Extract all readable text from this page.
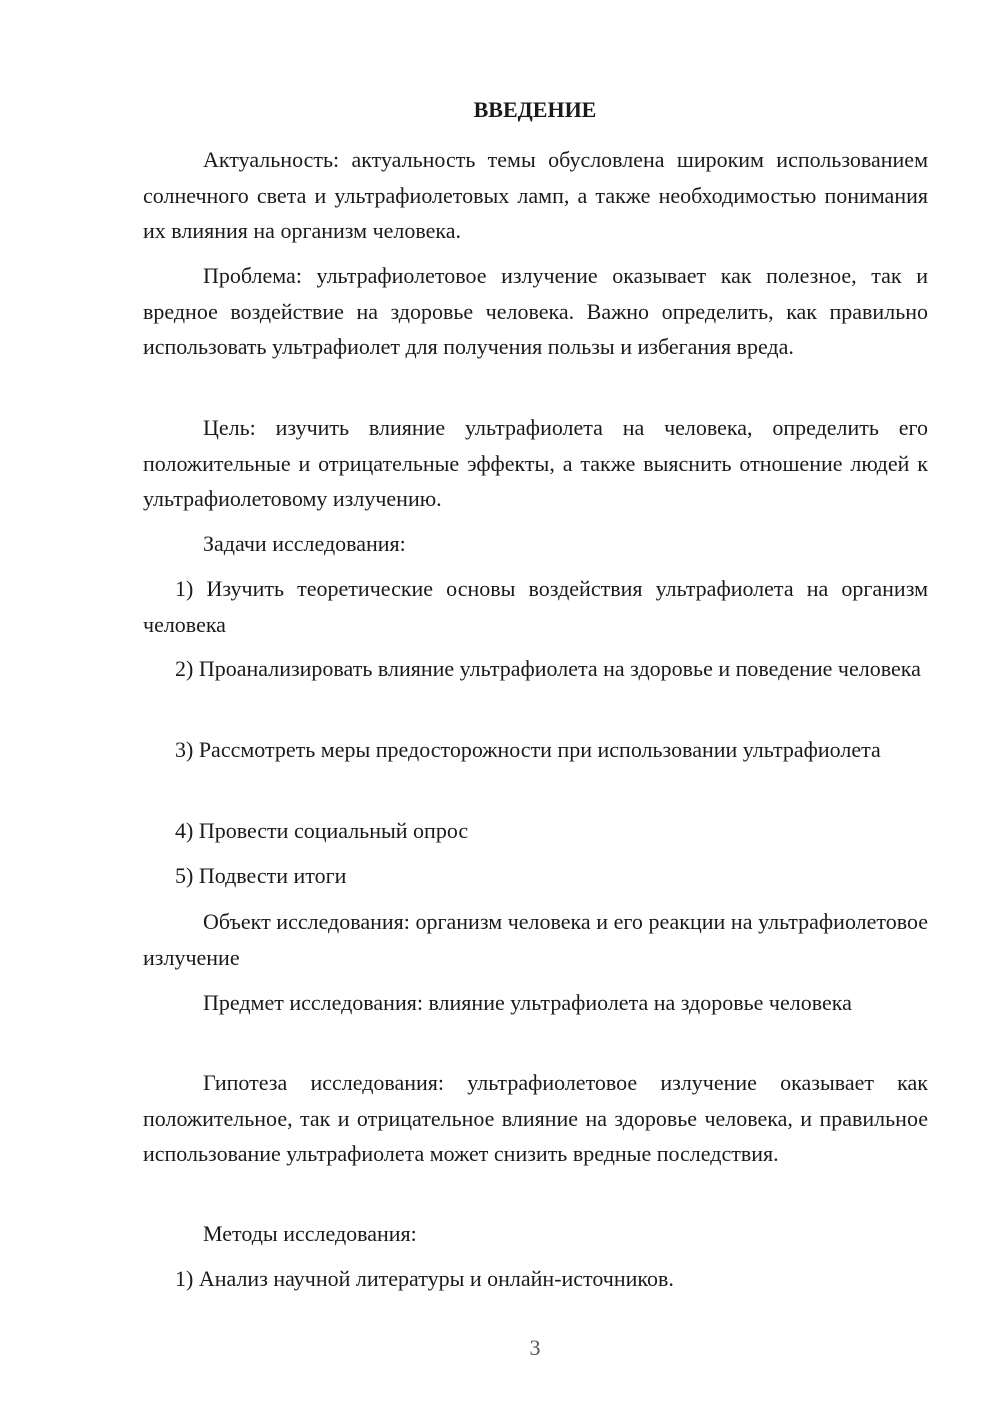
ВВЕДЕНИЕ
Актуальность: актуальность темы обусловлена широким использованием солнечного света и ультрафиолетовых ламп, а также необходимостью понимания их влияния на организм человека.
Проблема: ультрафиолетовое излучение оказывает как полезное, так и вредное воздействие на здоровье человека. Важно определить, как правильно использовать ультрафиолет для получения пользы и избегания вреда.
Цель: изучить влияние ультрафиолета на человека, определить его положительные и отрицательные эффекты, а также выяснить отношение людей к ультрафиолетовому излучению.
Задачи исследования:
1) Изучить теоретические основы воздействия ультрафиолета на организм человека
2) Проанализировать влияние ультрафиолета на здоровье и поведение человека
3) Рассмотреть меры предосторожности при использовании ультрафиолета
4) Провести социальный опрос
5) Подвести итоги
Объект исследования: организм человека и его реакции на ультрафиолетовое излучение
Предмет исследования: влияние ультрафиолета на здоровье человека
Гипотеза исследования: ультрафиолетовое излучение оказывает как положительное, так и отрицательное влияние на здоровье человека, и правильное использование ультрафиолета может снизить вредные последствия.
Методы исследования:
1) Анализ научной литературы и онлайн-источников.
3
